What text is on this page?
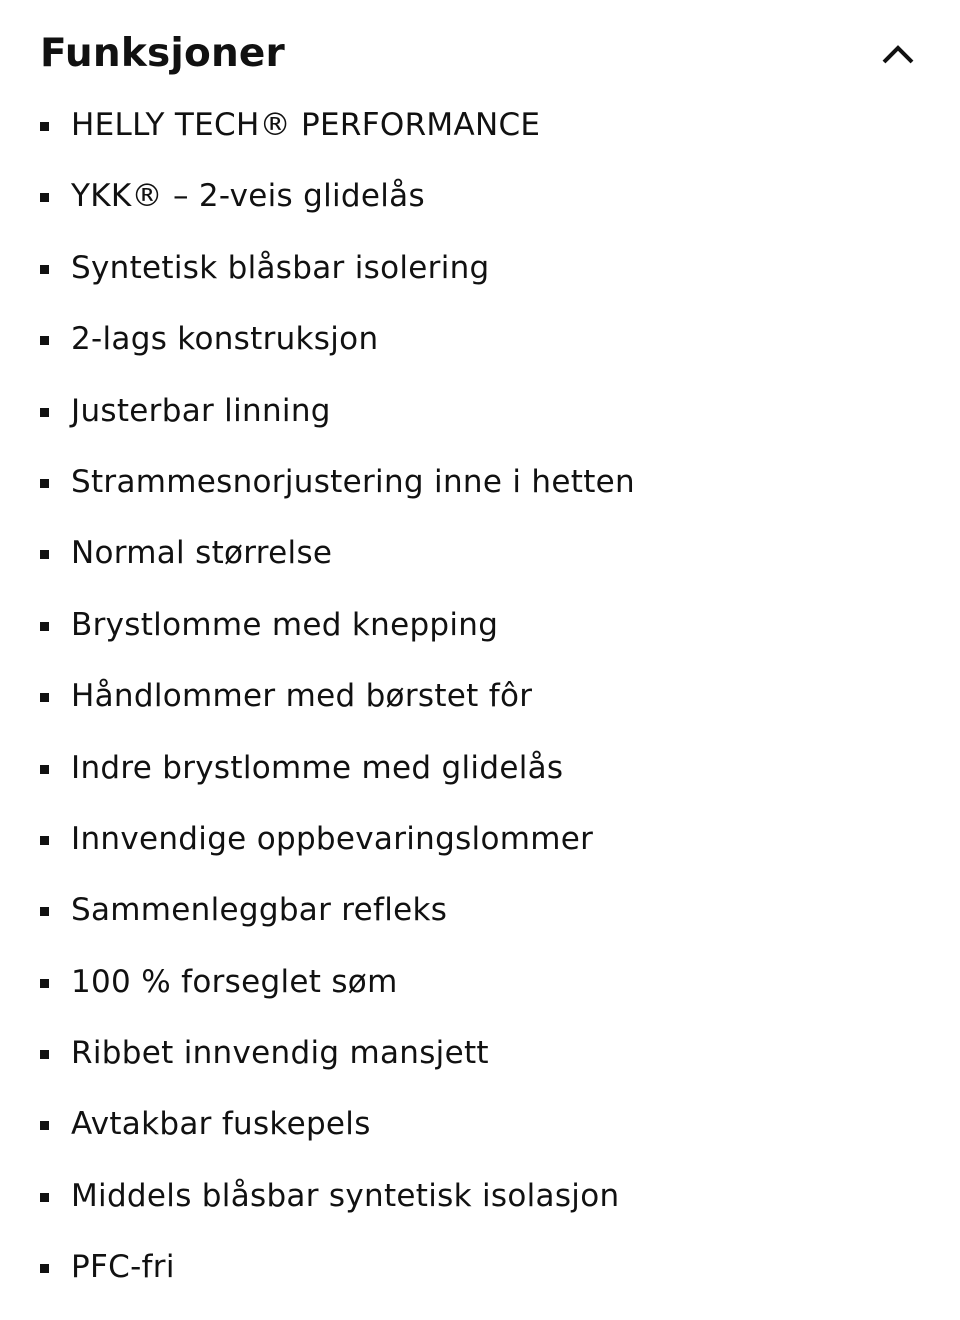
Funksjoner
HELLY TECH® PERFORMANCE
YKK® – 2-veis glidelås
Syntetisk blåsbar isolering
2-lags konstruksjon
Justerbar linning
Strammesnorjustering inne i hetten
Normal størrelse
Brystlomme med knepping
Håndlommer med børstet fôr
Indre brystlomme med glidelås
Innvendige oppbevaringslommer
Sammenleggbar refleks
100 % forseglet søm
Ribbet innvendig mansjett
Avtakbar fuskepels
Middels blåsbar syntetisk isolasjon
PFC-fri
